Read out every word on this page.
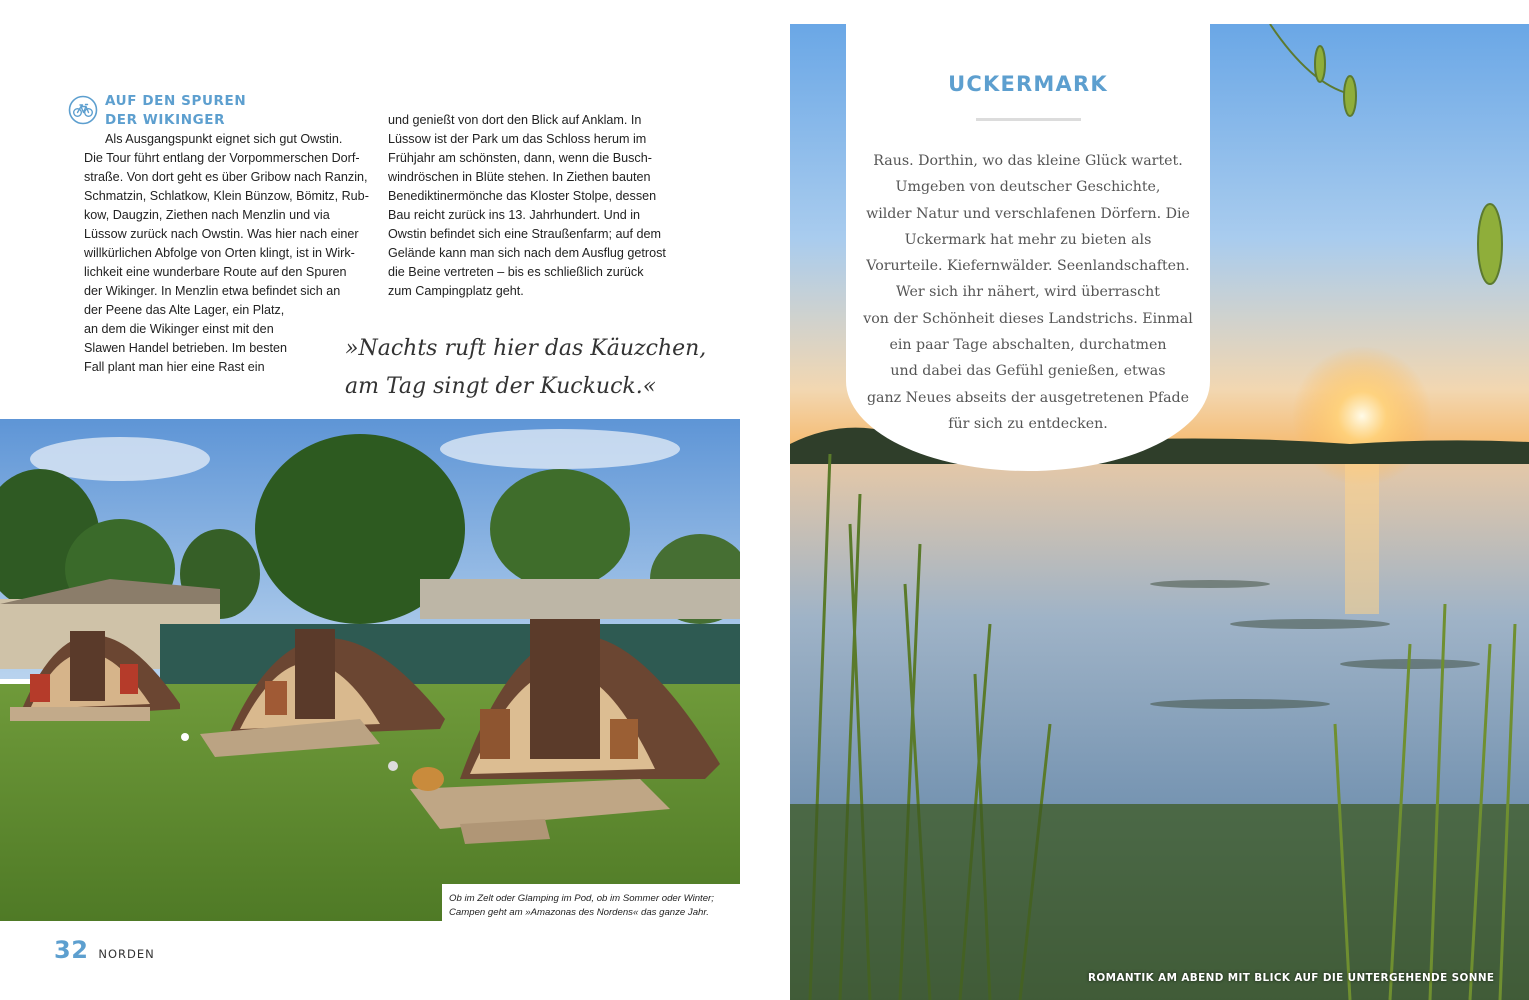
AUF DEN SPUREN
DER WIKINGER
Als Ausgangspunkt eignet sich gut Owstin.
Die Tour führt entlang der Vorpommerschen Dorf-
straße. Von dort geht es über Gribow nach Ranzin,
Schmatzin, Schlatkow, Klein Bünzow, Bömitz, Rub-
kow, Daugzin, Ziethen nach Menzlin und via
Lüssow zurück nach Owstin. Was hier nach einer
willkürlichen Abfolge von Orten klingt, ist in Wirk-
lichkeit eine wunderbare Route auf den Spuren
der Wikinger. In Menzlin etwa befindet sich an
der Peene das Alte Lager, ein Platz,
an dem die Wikinger einst mit den
Slawen Handel betrieben. Im besten
Fall plant man hier eine Rast ein
und genießt von dort den Blick auf Anklam. In
Lüssow ist der Park um das Schloss herum im
Frühjahr am schönsten, dann, wenn die Busch-
windröschen in Blüte stehen. In Ziethen bauten
Benediktinermönche das Kloster Stolpe, dessen
Bau reicht zurück ins 13. Jahrhundert. Und in
Owstin befindet sich eine Straußenfarm; auf dem
Gelände kann man sich nach dem Ausflug getrost
die Beine vertreten – bis es schließlich zurück
zum Campingplatz geht.
»Nachts ruft hier das Käuzchen,
am Tag singt der Kuckuck.«
Ob im Zelt oder Glamping im Pod, ob im Sommer oder Winter;
Campen geht am »Amazonas des Nordens« das ganze Jahr.
32 NORDEN
UCKERMARK
Raus. Dorthin, wo das kleine Glück wartet.
Umgeben von deutscher Geschichte,
wilder Natur und verschlafenen Dörfern. Die
Uckermark hat mehr zu bieten als
Vorurteile. Kiefernwälder. Seenlandschaften.
Wer sich ihr nähert, wird überrascht
von der Schönheit dieses Landstrichs. Einmal
ein paar Tage abschalten, durchatmen
und dabei das Gefühl genießen, etwas
ganz Neues abseits der ausgetretenen Pfade
für sich zu entdecken.
ROMANTIK AM ABEND MIT BLICK AUF DIE UNTERGEHENDE SONNE
